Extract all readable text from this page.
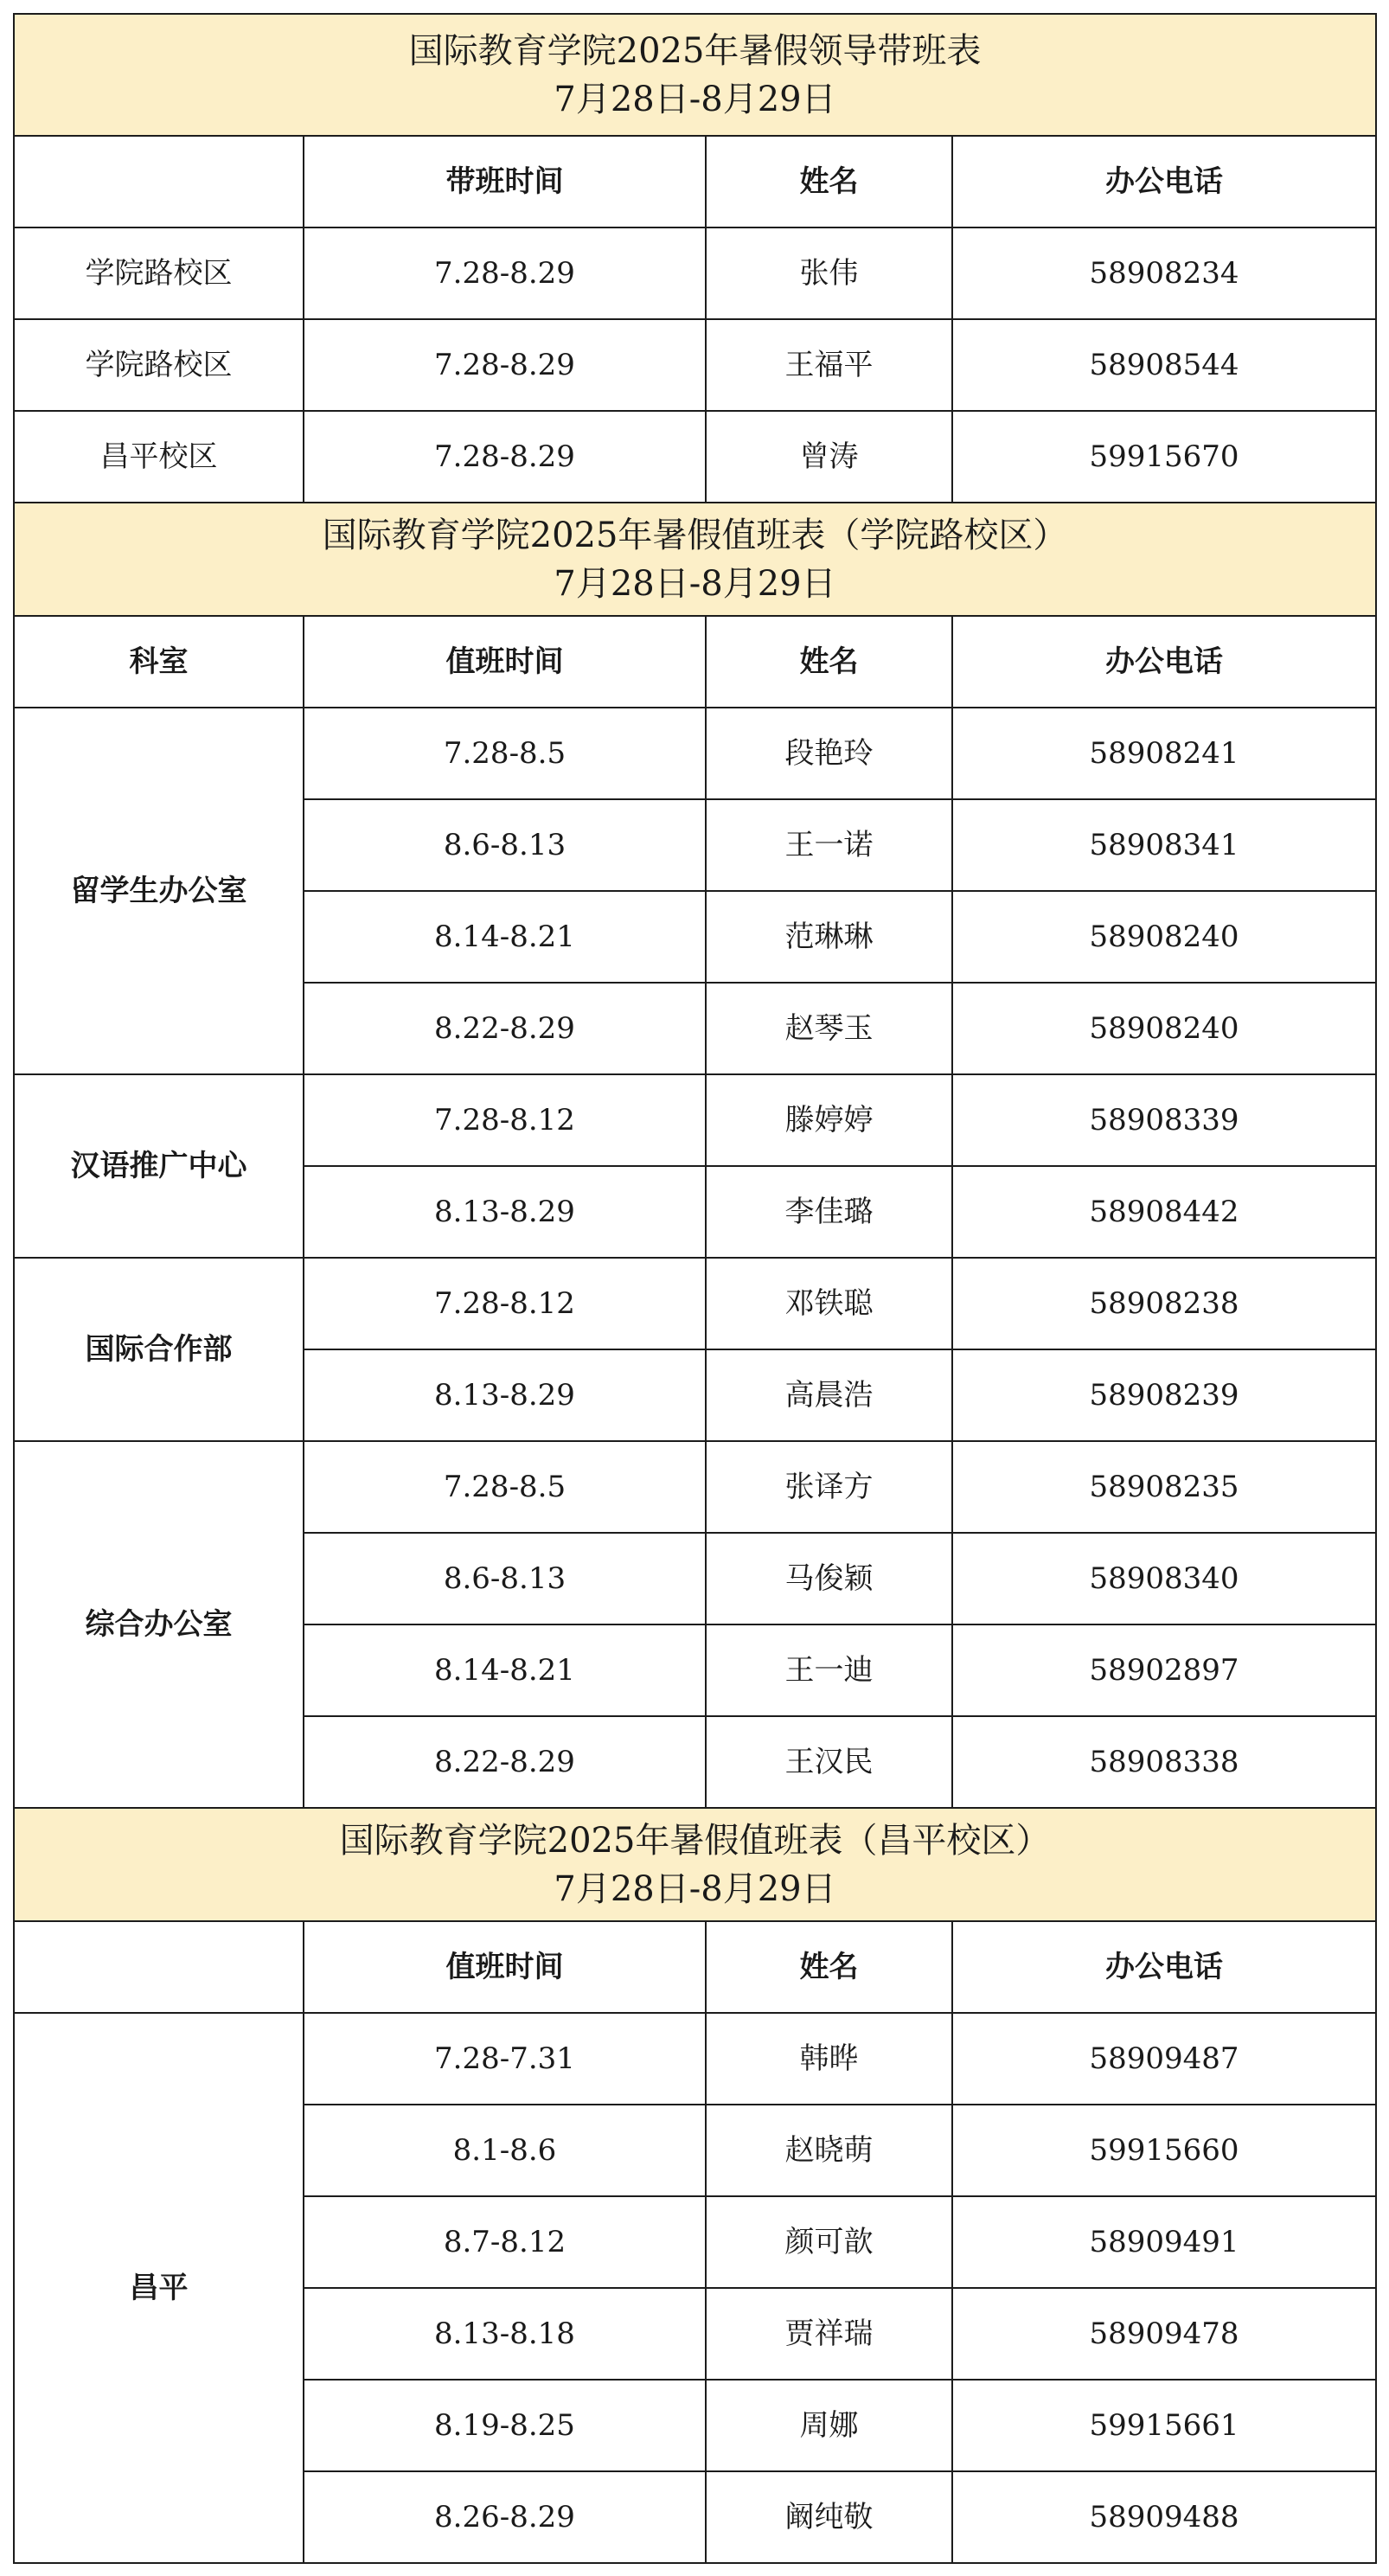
国际教育学院2025年暑假领导带班表
7月28日-8月29日			

	带班时间	姓名	办公电话
学院路校区	7.28-8.29	张伟	58908234
学院路校区	7.28-8.29	王福平	58908544
昌平校区	7.28-8.29	曾涛	59915670

国际教育学院2025年暑假值班表（学院路校区）
7月28日-8月29日			

科室	值班时间	姓名	办公电话
留学生办公室	7.28-8.5	段艳玲	58908241
	8.6-8.13	王一诺	58908341
	8.14-8.21	范琳琳	58908240
	8.22-8.29	赵琴玉	58908240
汉语推广中心	7.28-8.12	滕婷婷	58908339
	8.13-8.29	李佳璐	58908442
国际合作部	7.28-8.12	邓铁聪	58908238
	8.13-8.29	高晨浩	58908239
综合办公室	7.28-8.5	张译方	58908235
	8.6-8.13	马俊颖	58908340
	8.14-8.21	王一迪	58902897
	8.22-8.29	王汉民	58908338

国际教育学院2025年暑假值班表（昌平校区）
7月28日-8月29日			

	值班时间	姓名	办公电话
昌平	7.28-7.31	韩晔	58909487
	8.1-8.6	赵晓萌	59915660
	8.7-8.12	颜可歆	58909491
	8.13-8.18	贾祥瑞	58909478
	8.19-8.25	周娜	59915661
	8.26-8.29	阚纯敬	58909488
